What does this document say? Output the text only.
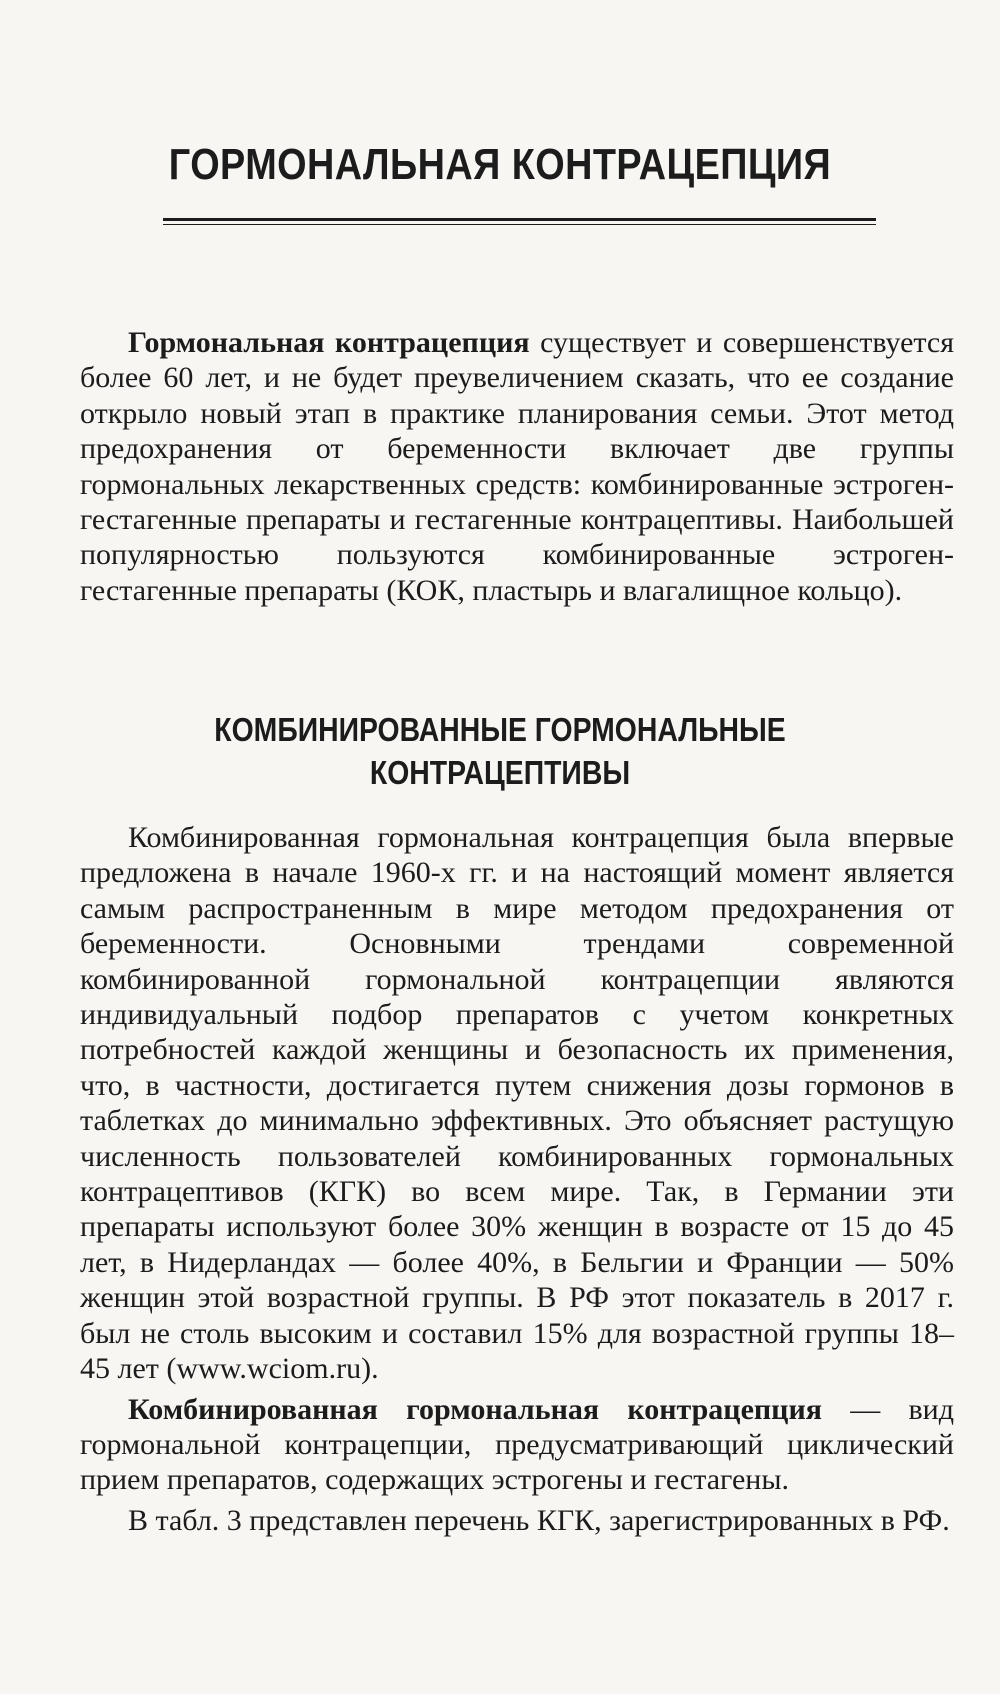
ГОРМОНАЛЬНАЯ КОНТРАЦЕПЦИЯ

Гормональная контрацепция существует и совершенствуется более 60 лет, и не будет преувеличением сказать, что ее создание открыло новый этап в практике планирования семьи. Этот метод предохранения от беременности включает две группы гормональных лекарственных средств: комбинированные эстроген-гестагенные препараты и гестагенные контрацептивы. Наибольшей популярностью пользуются комбинированные эстроген-гестагенные препараты (КОК, пластырь и влагалищное кольцо).

КОМБИНИРОВАННЫЕ ГОРМОНАЛЬНЫЕ
КОНТРАЦЕПТИВЫ

Комбинированная гормональная контрацепция была впервые предложена в начале 1960-х гг. и на настоящий момент является самым распространенным в мире методом предохранения от беременности. Основными трендами современной комбинированной гормональной контрацепции являются индивидуальный подбор препаратов с учетом конкретных потребностей каждой женщины и безопасность их применения, что, в частности, достигается путем снижения дозы гормонов в таблетках до минимально эффективных. Это объясняет растущую численность пользователей комбинированных гормональных контрацептивов (КГК) во всем мире. Так, в Германии эти препараты используют более 30% женщин в возрасте от 15 до 45 лет, в Нидерландах — более 40%, в Бельгии и Франции — 50% женщин этой возрастной группы. В РФ этот показатель в 2017 г. был не столь высоким и составил 15% для возрастной группы 18–45 лет (www.wciom.ru).

Комбинированная гормональная контрацепция — вид гормональной контрацепции, предусматривающий циклический прием препаратов, содержащих эстрогены и гестагены.

В табл. 3 представлен перечень КГК, зарегистрированных в РФ.
